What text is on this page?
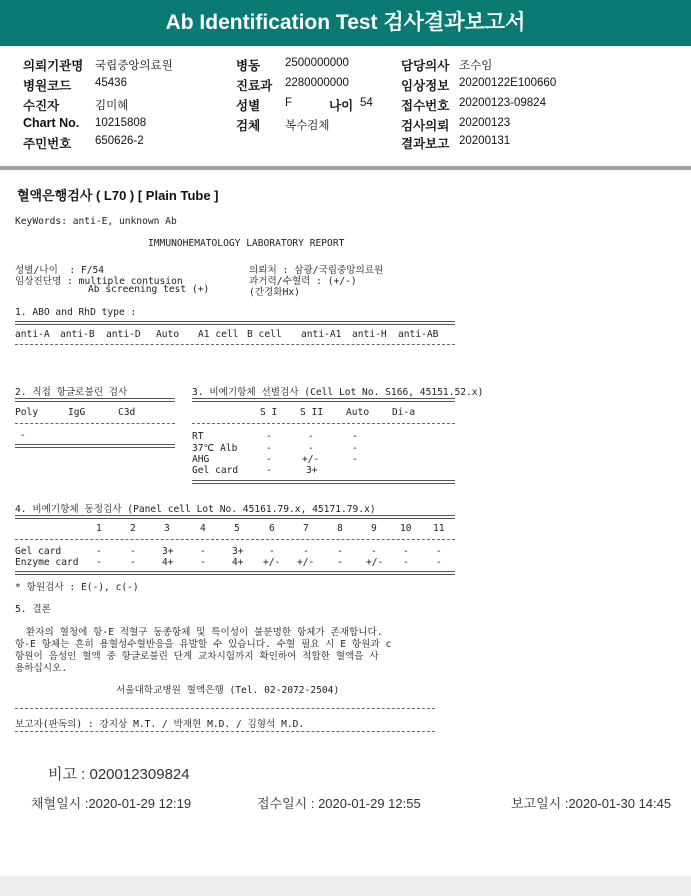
Ab Identification Test 검사결과보고서
의뢰기관명 국립중앙의료원
병원코드 45436
수진자	김미혜
Chart No. 10215808
주민번호 650626-2
병동 2500000000
진료과 2280000000
성별 F	나이 54
검체 복수검체
담당의사 조수임
임상정보 20200122E100660
접수번호 20200123-09824
검사의뢰 20200123
결과보고 20200131
혈액은행검사 ( L70 ) [ Plain Tube ]
KeyWords: anti-E, unknown Ab
IMMUNOHEMATOLOGY LABORATORY REPORT
성별/나이  : F/54
임상진단명 : multiple contusion
Ab screening test (+)
의뢰처 : 삼광/국립중앙의료원
과거력/수혈력 : (+/-)
(간경화Hx)
1. ABO and RhD type :
anti-A anti-B anti-D Auto A1 cell B cell anti-A1 anti-H anti-AB
2. 직접 항글로불린 검사
Poly	IgG	C3d
-
3. 비예기항체 선별검사 (Cell Lot No. S166, 45151.52.x)
S I S II Auto Di-a
RT	-	-	-
37℃ Alb	-	-	-
AHG	-	+/-	-
Gel card	-	3+
4. 비예기항체 동정검사 (Panel cell Lot No. 45161.79.x, 45171.79.x)
1	2	3	4	5	6	7	8	9 10 11
Gel card	-	-	3+	-	3+	-	-	-	-	-	-
Enzyme card -	-	4+	-	4+ +/- +/- - +/- -	-
* 항원검사 : E(-), c(-)
5. 결론
환자의 혈청에 항-E 적혈구 동종항체 및 특이성이 불분명한 항체가 존재합니다.
항-E 항체는 흔히 용혈성수혈반응을 유발할 수 있습니다. 수혈 필요 시 E 항원과 c
항원이 음성인 혈액 중 항글로불린 단계 교차시험까지 확인하여 적합한 혈액을 사
용하십시오.
서울대학교병원 혈액은행 (Tel. 02-2072-2504)
보고자(판독의) : 강지상 M.T. / 박재현 M.D. / 김형석 M.D.
비고 : 020012309824
채혈일시 :2020-01-29 12:19	접수일시 : 2020-01-29 12:55	보고일시 :2020-01-30 14:45
